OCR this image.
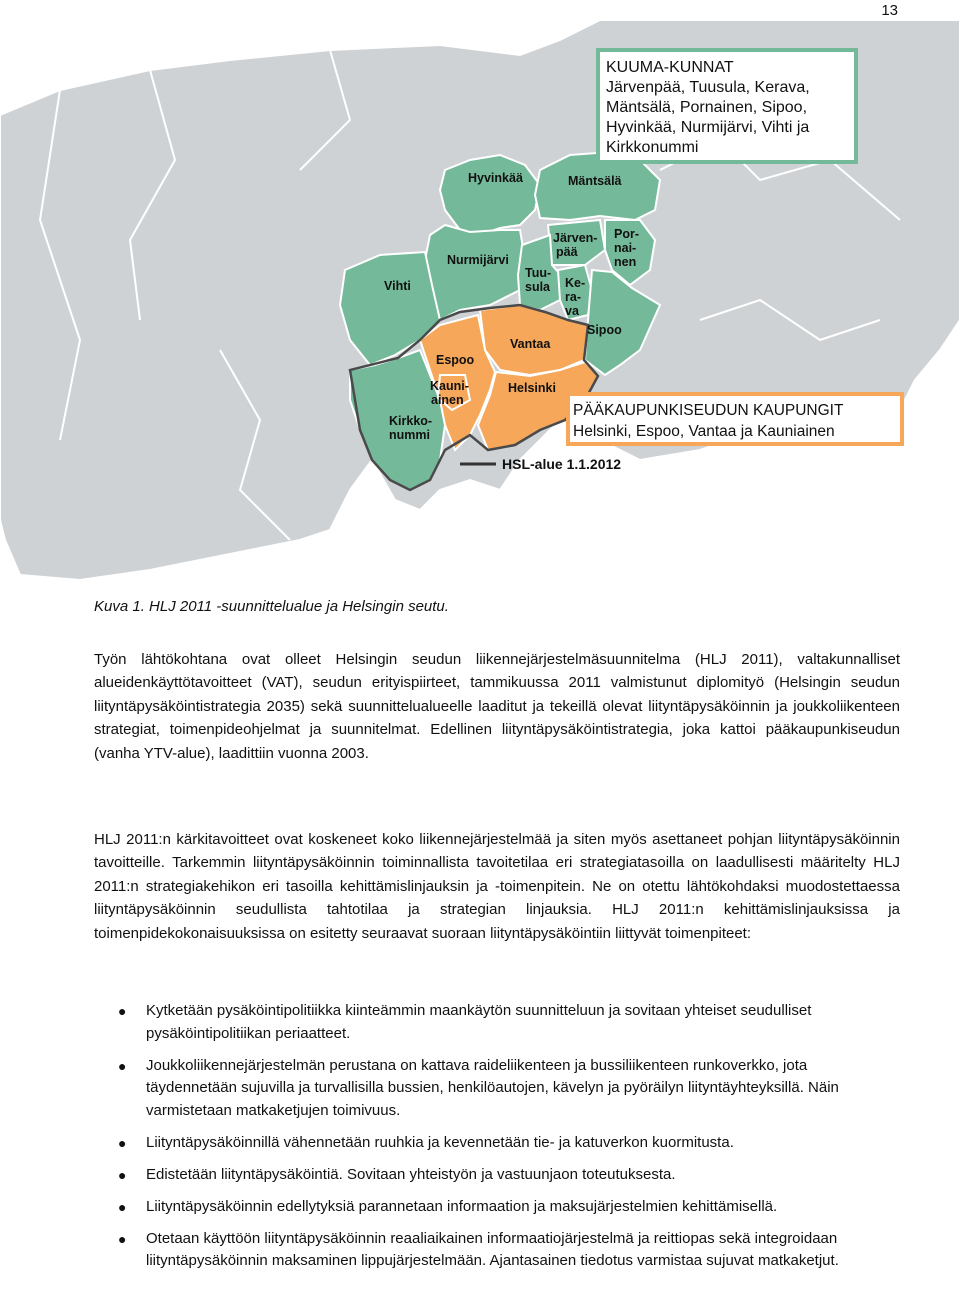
13
Hyvinkää	Mäntsälä
Järven-
pää
Por-
nai-
nen
Nurmijärvi
Vihti
Tuu-
sula Ke-
ra-
va
Sipoo
Vantaa
Espoo
Kauni-
ainen
Helsinki
Kirkko-
nummi
KUUMA-KUNNAT
Järvenpää, Tuusula, Kerava,
Mäntsälä, Pornainen, Sipoo,
Hyvinkää, Nurmijärvi, Vihti ja
Kirkkonummi
PÄÄKAUPUNKISEUDUN KAUPUNGIT
Helsinki, Espoo, Vantaa ja Kauniainen
HSL-alue 1.1.2012
Kuva 1. HLJ 2011 -suunnittelualue ja Helsingin seutu.
Työn lähtökohtana ovat olleet Helsingin seudun liikennejärjestelmäsuunnitelma (HLJ 2011), valtakunnalliset alueidenkäyttötavoitteet (VAT), seudun erityispiirteet, tammikuussa 2011 valmistunut diplomityö (Helsingin seudun liityntäpysäköintistrategia 2035) sekä suunnittelualueelle laaditut ja tekeillä olevat liityntäpysäköinnin ja joukkoliikenteen strategiat, toimenpideohjelmat ja suunnitelmat. Edellinen liityntäpysäköintistrategia, joka kattoi pääkaupunkiseudun (vanha YTV-alue), laadittiin vuonna 2003.
HLJ 2011:n kärkitavoitteet ovat koskeneet koko liikennejärjestelmää ja siten myös asettaneet pohjan liityntäpysäköinnin tavoitteille. Tarkemmin liityntäpysäköinnin toiminnallista tavoitetilaa eri strategiatasoilla on laadullisesti määritelty HLJ 2011:n strategiakehikon eri tasoilla kehittämislinjauksin ja -toimenpitein. Ne on otettu lähtökohdaksi muodostettaessa liityntäpysäköinnin seudullista tahtotilaa ja strategian linjauksia. HLJ 2011:n kehittämislinjauksissa ja toimenpidekokonaisuuksissa on esitetty seuraavat suoraan liityntäpysäköintiin liittyvät toimenpiteet:
● Kytketään pysäköintipolitiikka kiinteämmin maankäytön suunnitteluun ja sovitaan yhteiset seudulliset pysäköintipolitiikan periaatteet.
● Joukkoliikennejärjestelmän perustana on kattava raideliikenteen ja bussiliikenteen runkoverkko, jota täydennetään sujuvilla ja turvallisilla bussien, henkilöautojen, kävelyn ja pyöräilyn liityntäyhteyksillä. Näin varmistetaan matkaketjujen toimivuus.
● Liityntäpysäköinnillä vähennetään ruuhkia ja kevennetään tie- ja katuverkon kuormitusta.
● Edistetään liityntäpysäköintiä. Sovitaan yhteistyön ja vastuunjaon toteutuksesta.
● Liityntäpysäköinnin edellytyksiä parannetaan informaation ja maksujärjestelmien kehittämisellä.
● Otetaan käyttöön liityntäpysäköinnin reaaliaikainen informaatiojärjestelmä ja reittiopas sekä integroidaan liityntäpysäköinnin maksaminen lippujärjestelmään. Ajantasainen tiedotus varmistaa sujuvat matkaketjut.
